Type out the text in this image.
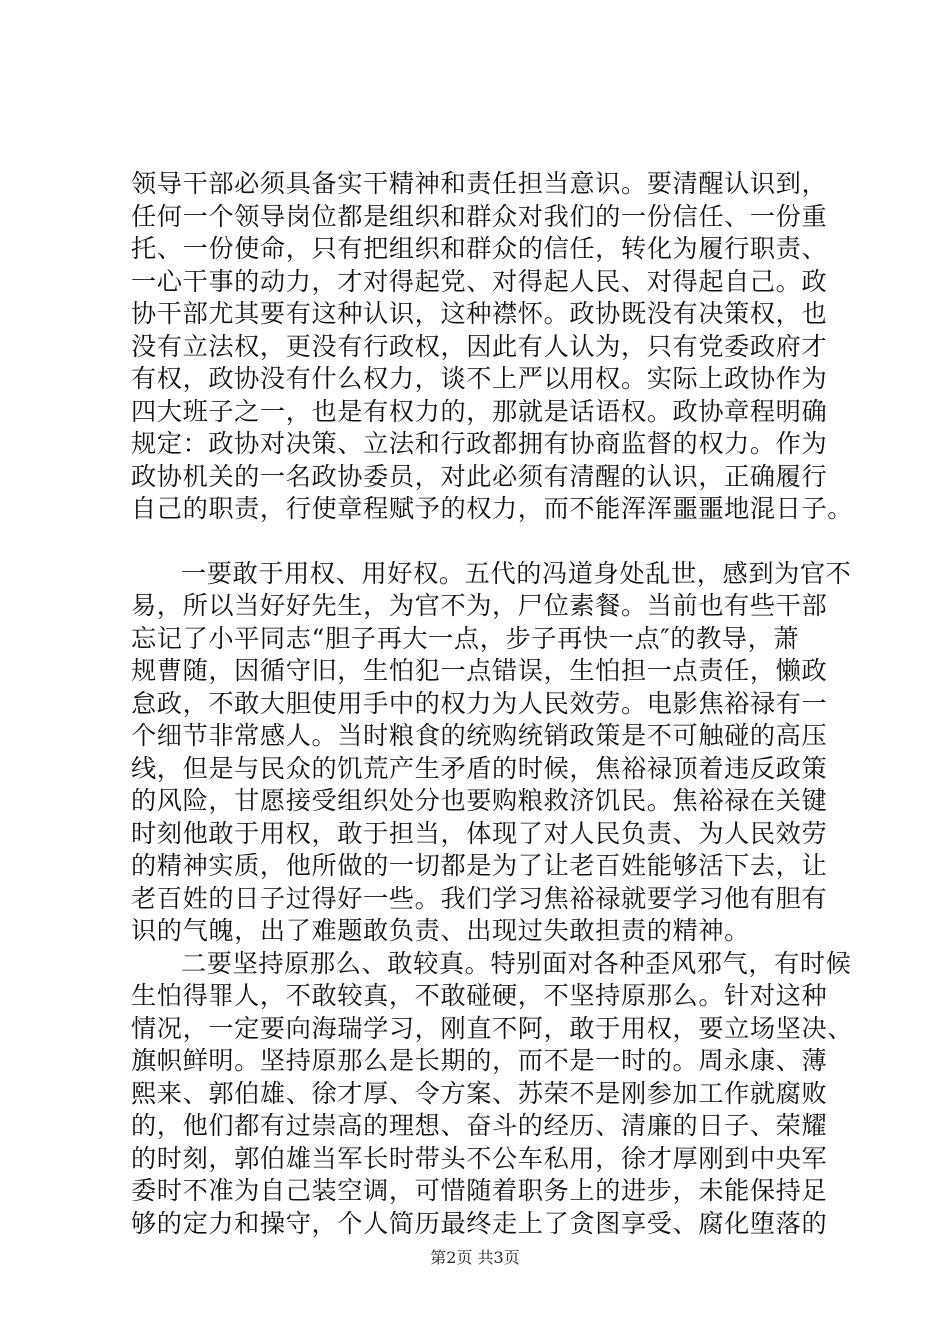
领导干部必须具备实干精神和责任担当意识。要清醒认识到，
任何一个领导岗位都是组织和群众对我们的一份信任、一份重
托、一份使命，只有把组织和群众的信任，转化为履行职责、
一心干事的动力，才对得起党、对得起人民、对得起自己。政
协干部尤其要有这种认识，这种襟怀。政协既没有决策权，也
没有立法权，更没有行政权，因此有人认为，只有党委政府才
有权，政协没有什么权力，谈不上严以用权。实际上政协作为
四大班子之一，也是有权力的，那就是话语权。政协章程明确
规定：政协对决策、立法和行政都拥有协商监督的权力。作为
政协机关的一名政协委员，对此必须有清醒的认识，正确履行
自己的职责，行使章程赋予的权力，而不能浑浑噩噩地混日子。
一要敢于用权、用好权。五代的冯道身处乱世，感到为官不
易，所以当好好先生，为官不为，尸位素餐。当前也有些干部
忘记了小平同志“胆子再大一点，步子再快一点″的教导，萧
规曹随，因循守旧，生怕犯一点错误，生怕担一点责任，懒政
怠政，不敢大胆使用手中的权力为人民效劳。电影焦裕禄有一
个细节非常感人。当时粮食的统购统销政策是不可触碰的高压
线，但是与民众的饥荒产生矛盾的时候，焦裕禄顶着违反政策
的风险，甘愿接受组织处分也要购粮救济饥民。焦裕禄在关键
时刻他敢于用权，敢于担当，体现了对人民负责、为人民效劳
的精神实质，他所做的一切都是为了让老百姓能够活下去，让
老百姓的日子过得好一些。我们学习焦裕禄就要学习他有胆有
识的气魄，出了难题敢负责、出现过失敢担责的精神。
二要坚持原那么、敢较真。特别面对各种歪风邪气，有时候
生怕得罪人，不敢较真，不敢碰硬，不坚持原那么。针对这种
情况，一定要向海瑞学习，刚直不阿，敢于用权，要立场坚决、
旗帜鲜明。坚持原那么是长期的，而不是一时的。周永康、薄
熙来、郭伯雄、徐才厚、令方案、苏荣不是刚参加工作就腐败
的，他们都有过崇高的理想、奋斗的经历、清廉的日子、荣耀
的时刻，郭伯雄当军长时带头不公车私用，徐才厚刚到中央军
委时不准为自己装空调，可惜随着职务上的进步，未能保持足
够的定力和操守，个人简历最终走上了贪图享受、腐化堕落的
第2页 共3页
